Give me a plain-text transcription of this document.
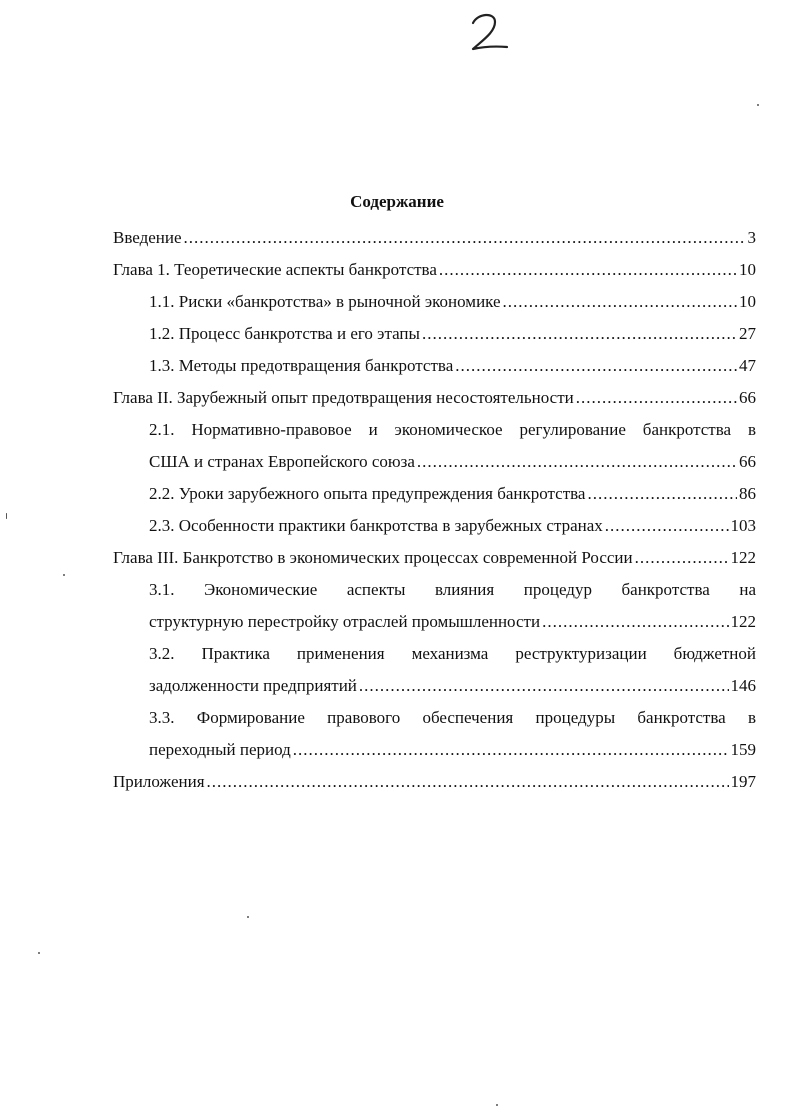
Содержание
Введение .....	3
Глава 1. Теоретические аспекты банкротства .....	10
1.1. Риски «банкротства» в рыночной экономике .....	10
1.2. Процесс банкротства и его этапы .....	27
1.3. Методы предотвращения банкротства .....	47
Глава II. Зарубежный опыт предотвращения несостоятельности .....	66
2.1. Нормативно-правовое и экономическое регулирование банкротства в
США и странах Европейского союза .....	66
2.2. Уроки зарубежного опыта предупреждения банкротства .....	86
2.3. Особенности практики банкротства в зарубежных странах .....	103
Глава III. Банкротство в экономических процессах современной России .....	122
3.1. Экономические аспекты влияния процедур банкротства на
структурную перестройку отраслей промышленности .....	122
3.2. Практика применения механизма реструктуризации бюджетной
задолженности предприятий .....	146
3.3. Формирование правового обеспечения процедуры банкротства в
переходный период .....	159
Приложения .....	197
